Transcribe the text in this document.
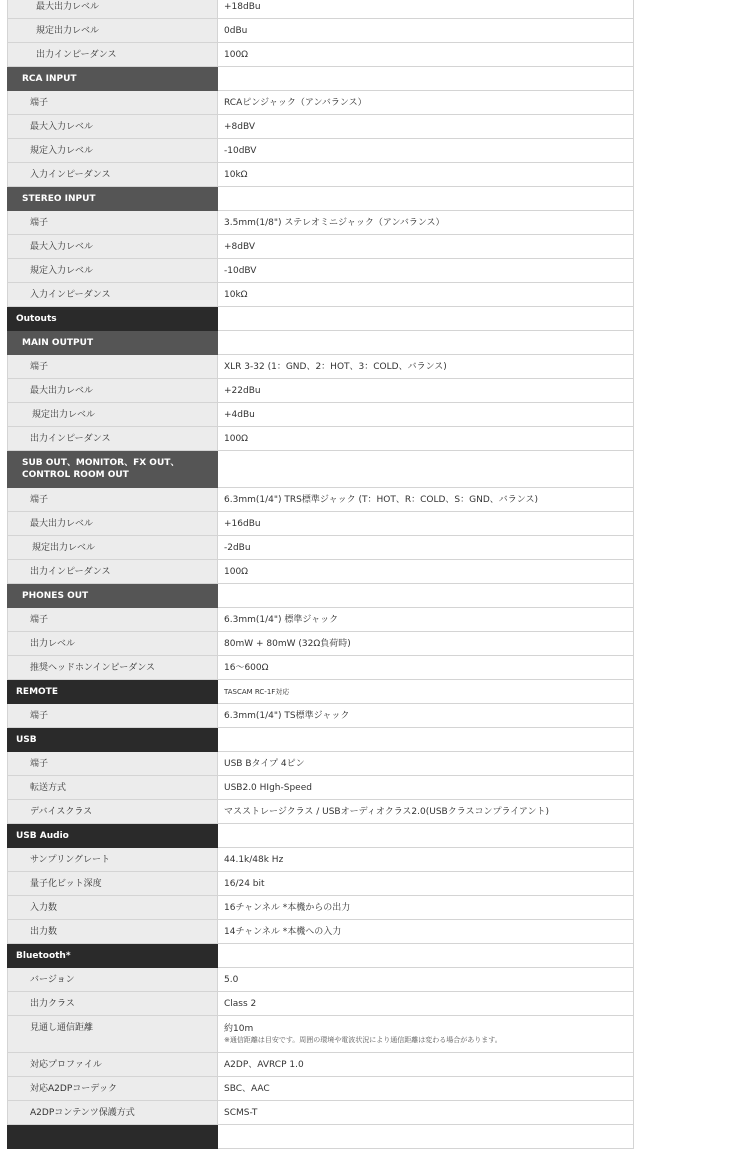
最大出力レベル	+18dBu
規定出力レベル	0dBu
出力インピーダンス	100Ω
RCA INPUT	
端子	RCAピンジャック（アンバランス）
最大入力レベル	+8dBV
規定入力レベル	-10dBV
入力インピーダンス	10kΩ
STEREO INPUT	
端子	3.5mm(1/8") ステレオミニジャック（アンバランス）
最大入力レベル	+8dBV
規定入力レベル	-10dBV
入力インピーダンス	10kΩ
Outouts	
MAIN OUTPUT	
端子	XLR 3-32 (1：GND、2：HOT、3：COLD、バランス)
最大出力レベル	+22dBu
規定出力レベル	+4dBu
出力インピーダンス	100Ω
SUB OUT、MONITOR、FX OUT、CONTROL ROOM OUT	
端子	6.3mm(1/4") TRS標準ジャック (T：HOT、R：COLD、S：GND、バランス)
最大出力レベル	+16dBu
規定出力レベル	-2dBu
出力インピーダンス	100Ω
PHONES OUT	
端子	6.3mm(1/4") 標準ジャック
出力レベル	80mW + 80mW (32Ω負荷時)
推奨ヘッドホンインピーダンス	16〜600Ω
REMOTE	TASCAM RC-1F対応
端子	6.3mm(1/4") TS標準ジャック
USB	
端子	USB Bタイプ 4ピン
転送方式	USB2.0 HIgh-Speed
デバイスクラス	マスストレージクラス / USBオーディオクラス2.0(USBクラスコンプライアント)
USB Audio	
サンプリングレート	44.1k/48k Hz
量子化ビット深度	16/24 bit
入力数	16チャンネル *本機からの出力
出力数	14チャンネル *本機への入力
Bluetooth*	
バージョン	5.0
出力クラス	Class 2
見通し通信距離	約10m
※通信距離は目安です。周囲の環境や電波状況により通信距離は変わる場合があります。

対応プロファイル	A2DP、AVRCP 1.0
対応A2DPコーデック	SBC、AAC
A2DPコンテンツ保護方式	SCMS-T
